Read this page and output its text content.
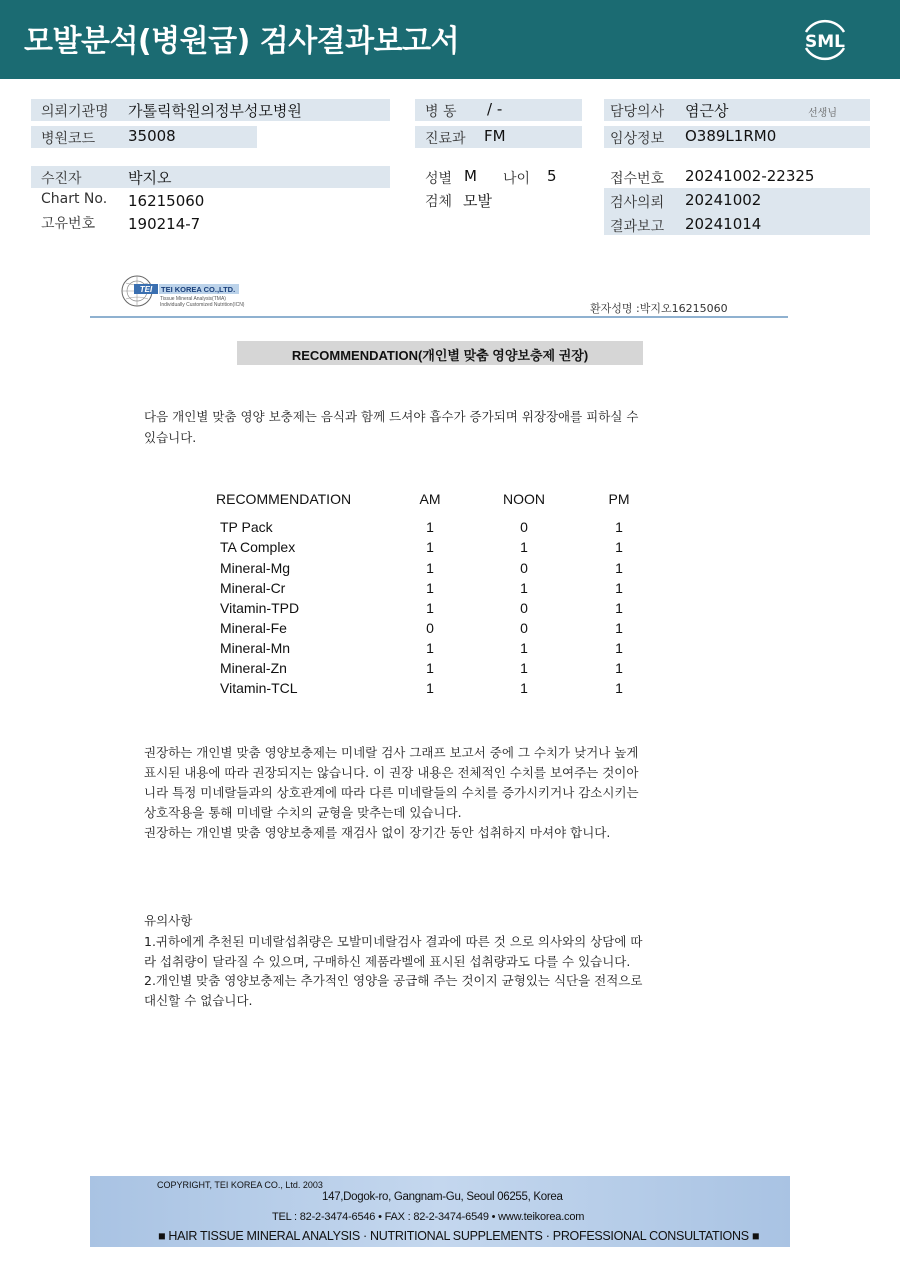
모발분석(병원급) 검사결과보고서	SML
의뢰기관명 가톨릭학원의정부성모병원
병원코드 35008
수진자	박지오
Chart No. 16215060
고유번호 190214-7
병 동 / -
진료과 FM
성별 M 나이 5
검체 모발
담당의사 염근상	선생님
임상정보 O389L1RM0
접수번호 20241002-22325
검사의뢰 20241002
결과보고 20241014
TEI TEI KOREA CO.,LTD.
Tissue Mineral Analysis(TMA)
Individually Customized Nutrition(ICN)	환자성명 :박지오16215060
RECOMMENDATION(개인별 맞춤 영양보충제 권장)
다음 개인별 맞춤 영양 보충제는 음식과 함께 드셔야 흡수가 증가되며 위장장애를 피하실 수
있습니다.
RECOMMENDATION	AM	NOON	PM
TP Pack	1	0	1
TA Complex	1	1	1
Mineral-Mg	1	0	1
Mineral-Cr	1	1	1
Vitamin-TPD	1	0	1
Mineral-Fe	0	0	1
Mineral-Mn	1	1	1
Mineral-Zn	1	1	1
Vitamin-TCL	1	1	1
권장하는 개인별 맞춤 영양보충제는 미네랄 검사 그래프 보고서 중에 그 수치가 낮거나 높게
표시된 내용에 따라 권장되지는 않습니다. 이 권장 내용은 전체적인 수치를 보여주는 것이아
니라 특정 미네랄들과의 상호관계에 따라 다른 미네랄들의 수치를 증가시키거나 감소시키는
상호작용을 통해 미네랄 수치의 균형을 맞추는데 있습니다.
권장하는 개인별 맞춤 영양보충제를 재검사 없이 장기간 동안 섭취하지 마셔야 합니다.
유의사항
1.귀하에게 추천된 미네랄섭취량은 모발미네랄검사 결과에 따른 것 으로 의사와의 상담에 따
라 섭취량이 달라질 수 있으며, 구매하신 제품라벨에 표시된 섭취량과도 다를 수 있습니다.
2.개인별 맞춤 영양보충제는 추가적인 영양을 공급해 주는 것이지 균형있는 식단을 전적으로
대신할 수 없습니다.
COPYRIGHT, TEI KOREA CO., Ltd. 2003
147,Dogok-ro, Gangnam-Gu, Seoul 06255, Korea
TEL : 82-2-3474-6546 • FAX : 82-2-3474-6549 • www.teikorea.com
■ HAIR TISSUE MINERAL ANALYSIS · NUTRITIONAL SUPPLEMENTS · PROFESSIONAL CONSULTATIONS ■
